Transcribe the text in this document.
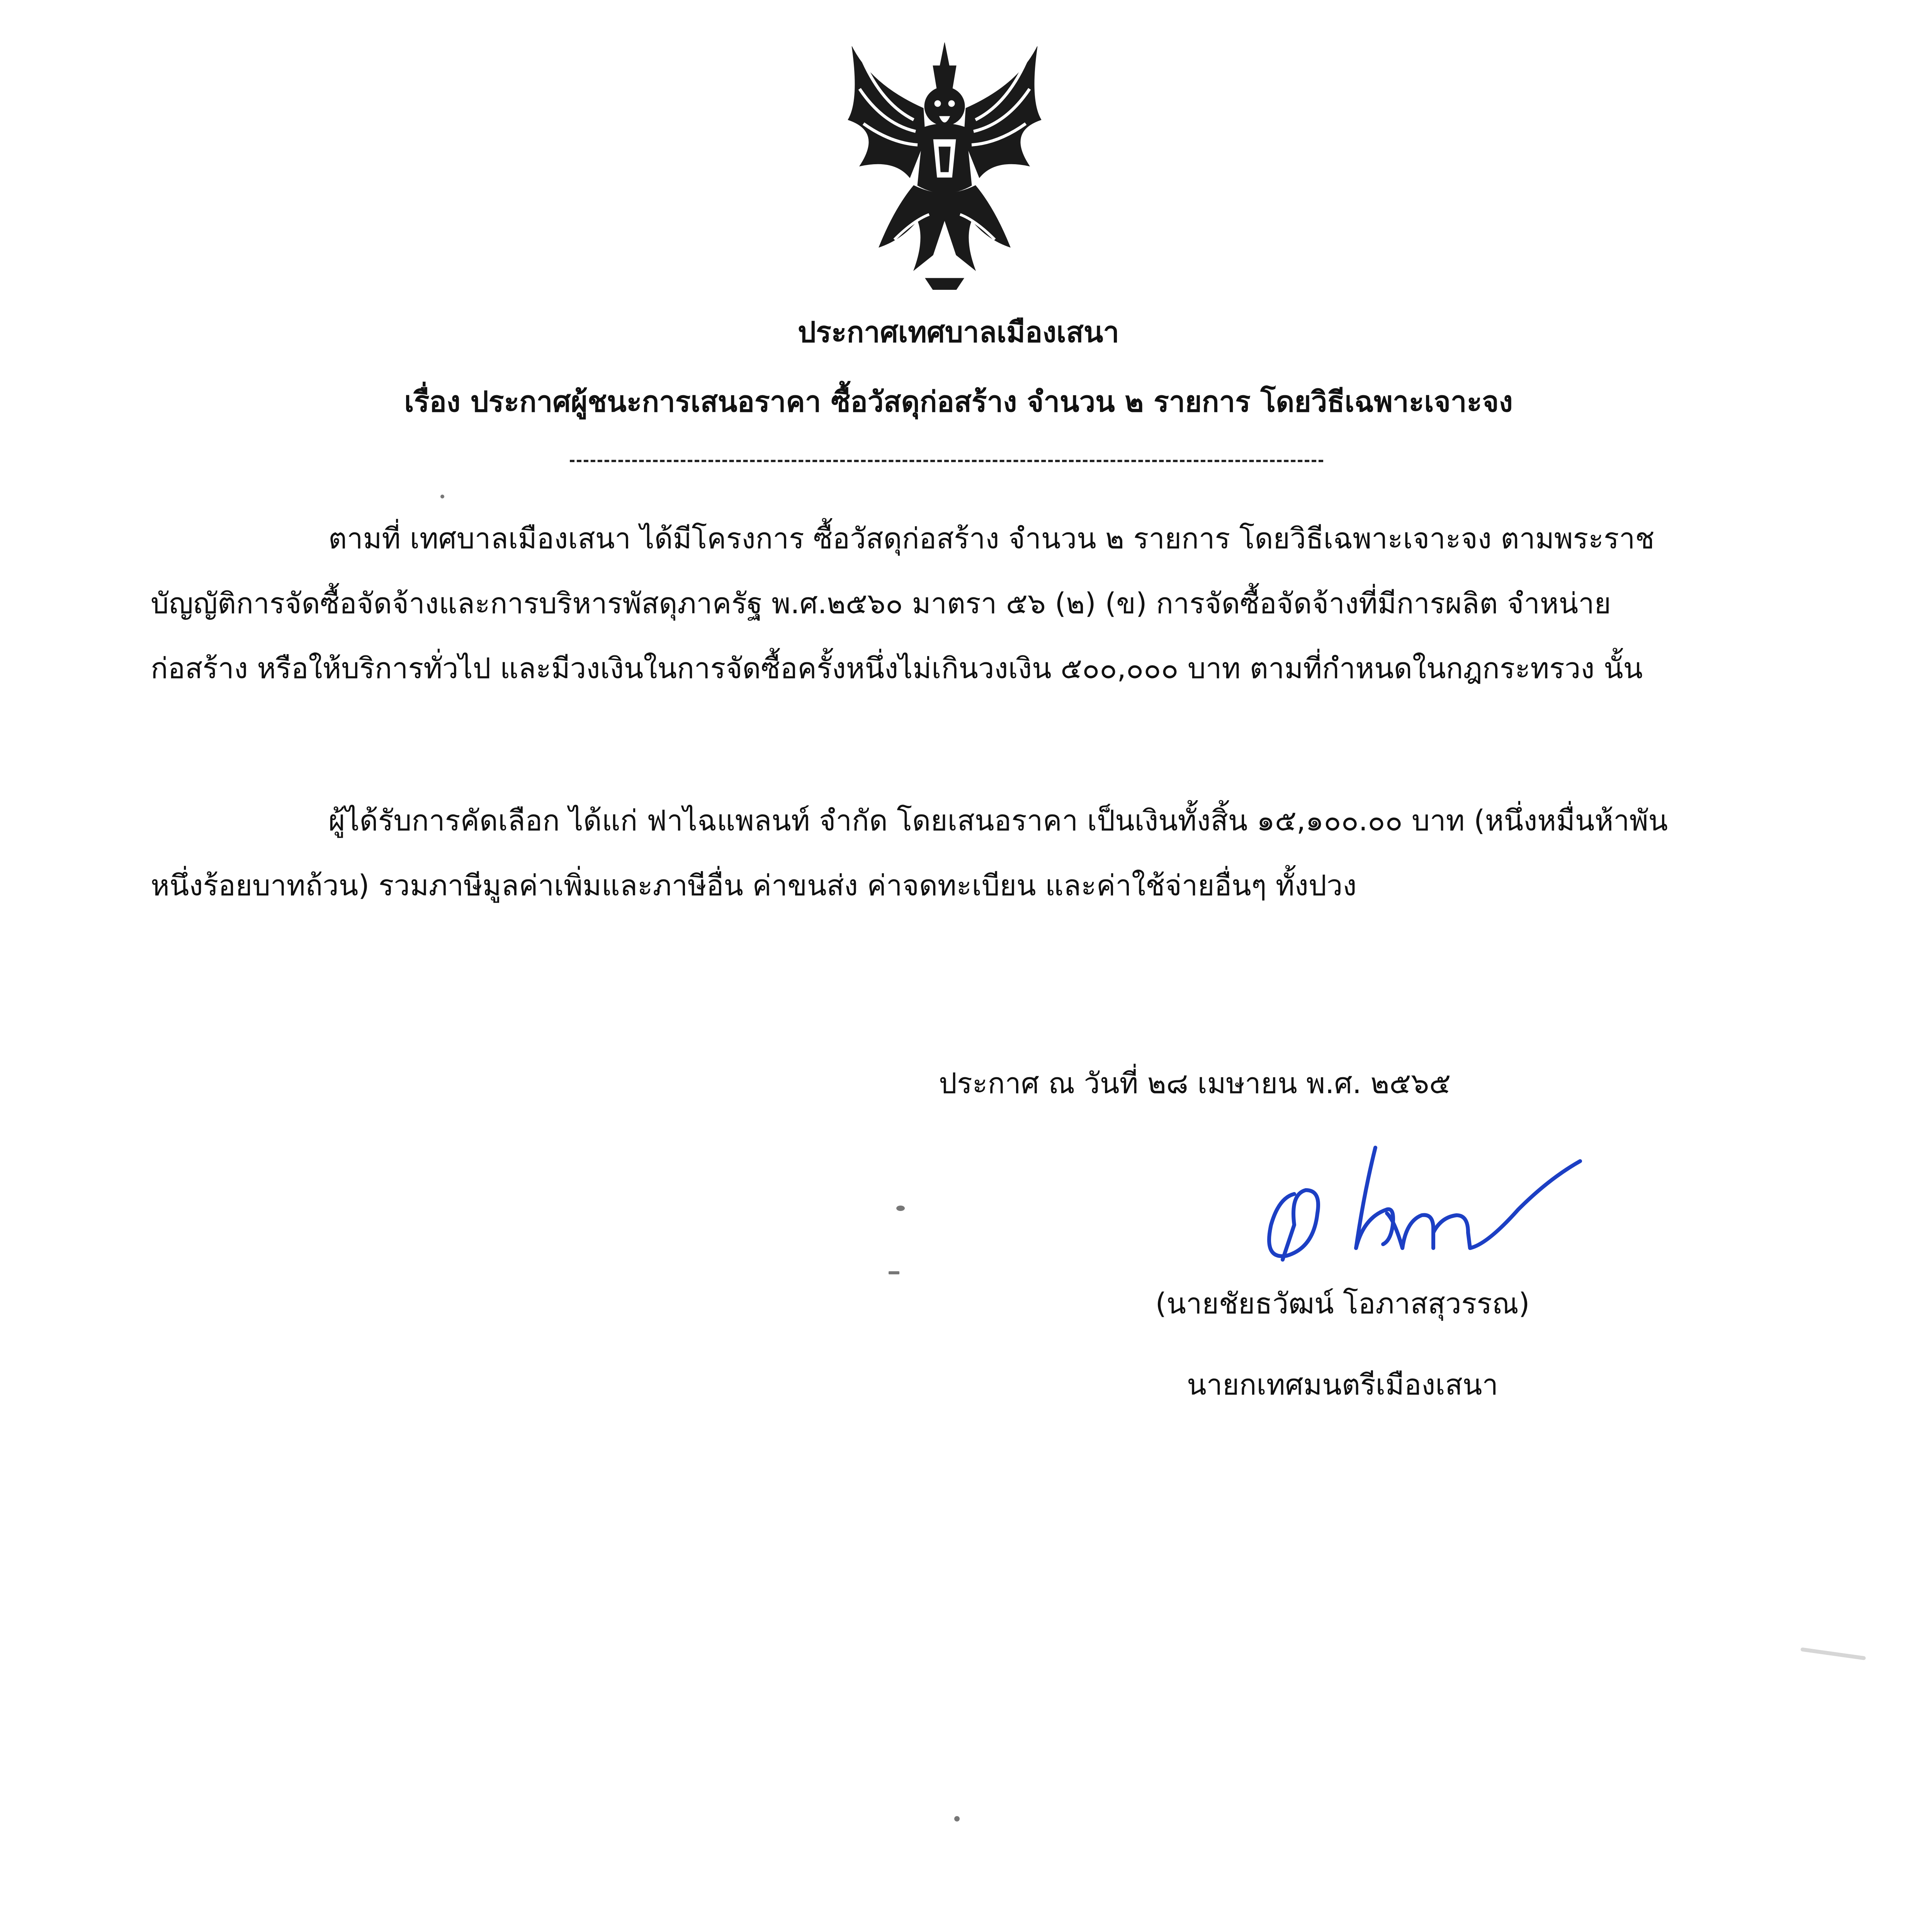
ประกาศเทศบาลเมืองเสนา
เรื่อง ประกาศผู้ชนะการเสนอราคา ซื้อวัสดุก่อสร้าง จำนวน ๒ รายการ โดยวิธีเฉพาะเจาะจง
ตามที่ เทศบาลเมืองเสนา ได้มีโครงการ ซื้อวัสดุก่อสร้าง จำนวน ๒ รายการ โดยวิธีเฉพาะเจาะจง ตามพระราชบัญญัติการจัดซื้อจัดจ้างและการบริหารพัสดุภาครัฐ พ.ศ.๒๕๖๐ มาตรา ๕๖ (๒) (ข) การจัดซื้อจัดจ้างที่มีการผลิต จำหน่าย ก่อสร้าง หรือให้บริการทั่วไป และมีวงเงินในการจัดซื้อครั้งหนึ่งไม่เกินวงเงิน ๕๐๐,๐๐๐ บาท ตามที่กำหนดในกฎกระทรวง นั้น
ผู้ได้รับการคัดเลือก ได้แก่ ฟาไฉแพลนท์ จำกัด โดยเสนอราคา เป็นเงินทั้งสิ้น ๑๕,๑๐๐.๐๐ บาท (หนึ่งหมื่นห้าพันหนึ่งร้อยบาทถ้วน) รวมภาษีมูลค่าเพิ่มและภาษีอื่น ค่าขนส่ง ค่าจดทะเบียน และค่าใช้จ่ายอื่นๆ ทั้งปวง
ประกาศ ณ วันที่ ๒๘ เมษายน พ.ศ. ๒๕๖๕
(นายชัยธวัฒน์ โอภาสสุวรรณ)
นายกเทศมนตรีเมืองเสนา
